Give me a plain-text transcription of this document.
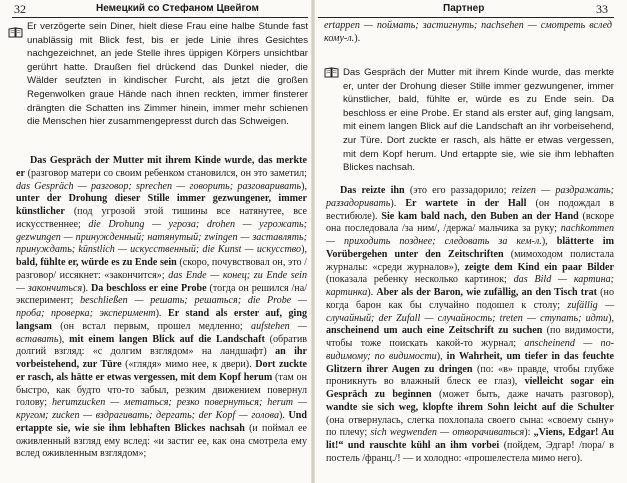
32	Немецкий со Стефаном Цвейгом

Er verzögerte sein Diner, hielt diese Frau eine halbe Stunde fast unablässig mit Blick fest, bis er jede Linie ihres Gesichtes nachgezeichnet, an jede Stelle ihres üppigen Körpers unsichtbar gerührt hatte. Draußen fiel drückend das Dunkel nieder, die Wälder seufzten in kindischer Furcht, als jetzt die großen Regenwolken graue Hände nach ihnen reckten, immer finsterer drängten die Schatten ins Zimmer hinein, immer mehr schienen die Menschen hier zusammengepresst durch das Schweigen.

Das Gespräch der Mutter mit ihrem Kinde wurde, das merkte er (разговор матери со своим ребенком становился, он это заметил; das Gespräch — разговор; sprechen — говорить; разговаривать), unter der Drohung dieser Stille immer gezwungener, immer künstlicher (под угрозой этой тишины все натянутее, все искусственнее; die Drohung — угроза; drohen — угрожать; gezwungen — принужденный; натянутый; zwingen — заставлять; принуждать; künstlich — искусственный; die Kunst — искусство), bald, fühlte er, würde es zu Ende sein (скоро, почувствовал он, это /разговор/ иссякнет: «закончится»; das Ende — конец; zu Ende sein — закончиться). Da beschloss er eine Probe (тогда он решился /на/ эксперимент; beschließen — решать; решаться; die Probe — проба; проверка; эксперимент). Er stand als erster auf, ging langsam (он встал первым, прошел медленно; aufstehen — вставать), mit einem langen Blick auf die Landschaft (обратив долгий взгляд: «с долгим взглядом» на ландшафт) an ihr vorbeistehend, zur Türe («глядя» мимо нее, к двери). Dort zuckte er rasch, als hätte er etwas vergessen, mit dem Kopf herum (там он быстро, как будто что-то забыл, резким движением повернул голову; herumzucken — метаться; резко повернуться; herum — кругом; zucken — вздрагивать; дергать; der Kopf — голова). Und ertappte sie, wie sie ihm lebhaften Blickes nachsah (и поймал ее оживленный взгляд ему вслед: «и застиг ее, как она смотрела ему вслед оживленным взглядом»;

Партнер	33

ertappen — поймать; застигнуть; nachsehen — смотреть вслед кому-л.).

Das Gespräch der Mutter mit ihrem Kinde wurde, das merkte er, unter der Drohung dieser Stille immer gezwungener, immer künstlicher, bald, fühlte er, würde es zu Ende sein. Da beschloss er eine Probe. Er stand als erster auf, ging langsam, mit einem langen Blick auf die Landschaft an ihr vorbeisehend, zur Türe. Dort zuckte er rasch, als hätte er etwas vergessen, mit dem Kopf herum. Und ertappte sie, wie sie ihm lebhaften Blickes nachsah.

Das reizte ihn (это его раззадорило; reizen — раздражать; раззадоривать). Er wartete in der Hall (он подождал в вестибюле). Sie kam bald nach, den Buben an der Hand (вскоре она последовала /за ним/, /держа/ мальчика за руку; nachkommen — приходить позднее; следовать за кем-л.), blätterte im Vorübergehen unter den Zeitschriften (мимоходом полистала журналы: «среди журналов»), zeigte dem Kind ein paar Bilder (показала ребенку несколько картинок; das Bild — картина; картинка). Aber als der Baron, wie zufällig, an den Tisch trat (но когда барон как бы случайно подошел к столу; zufällig — случайный; der Zufall — случайность; treten — ступать; идти), anscheinend um auch eine Zeitschrift zu suchen (по видимости, чтобы тоже поискать какой-то журнал; anscheinend — по-видимому; по видимости), in Wahrheit, um tiefer in das feuchte Glitzern ihrer Augen zu dringen (по: «в» правде, чтобы глубже проникнуть во влажный блеск ее глаз), vielleicht sogar ein Gespräch zu beginnen (может быть, даже начать разговор), wandte sie sich weg, klopfte ihrem Sohn leicht auf die Schulter (она отвернулась, слегка похлопала своего сына: «своему сыну» по плечу; sich wegwenden — отворачиваться): „Viens, Edgar! Au lit!“ und rauschte kühl an ihm vorbei (пойдем, Эдгар! /пора/ в постель /франц./! — и холодно: «прошелестела мимо него).
